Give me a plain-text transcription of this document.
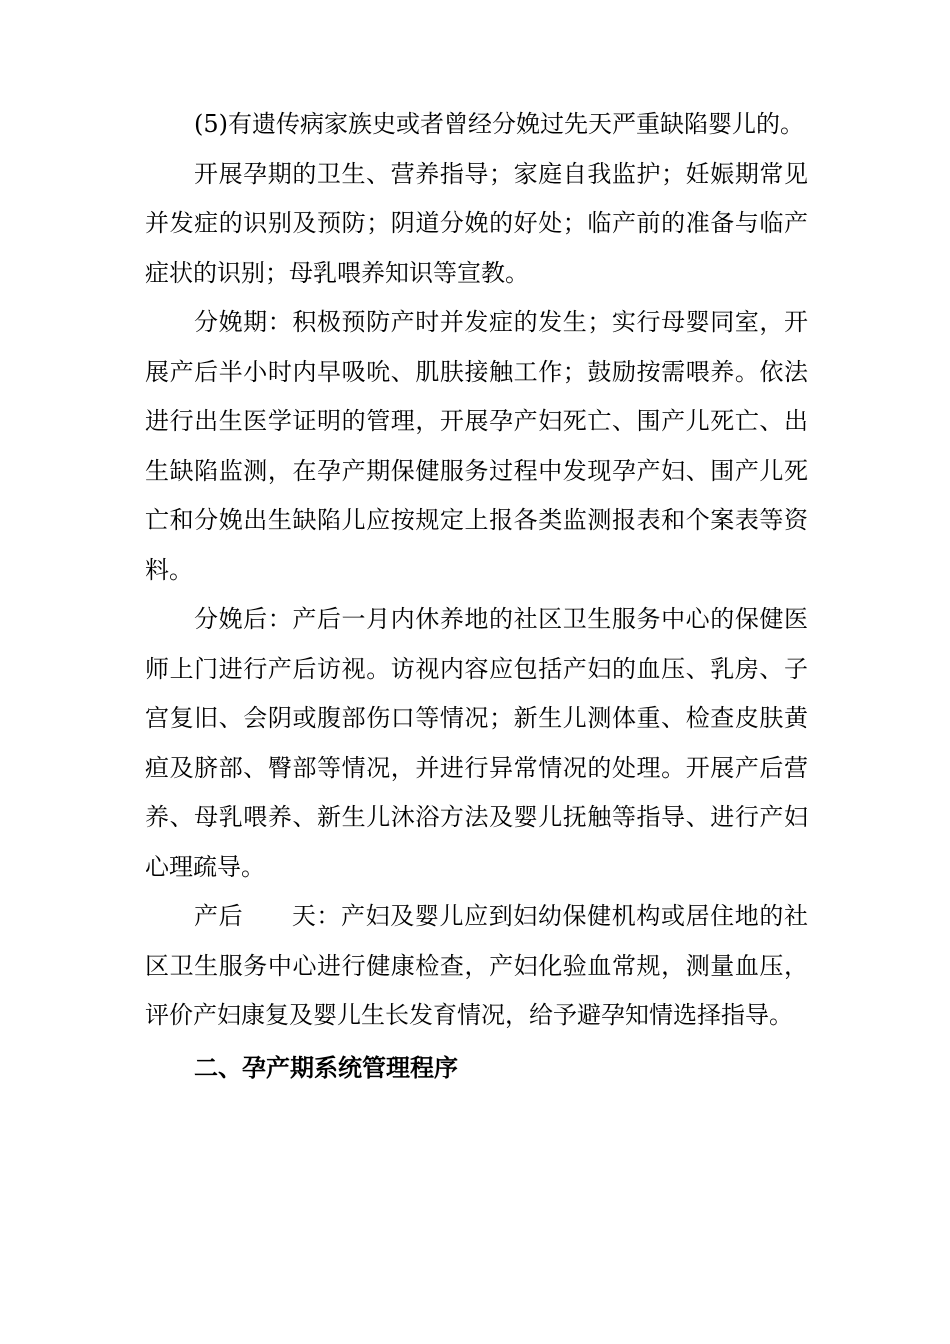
(5)有遗传病家族史或者曾经分娩过先天严重缺陷婴儿的。

开展孕期的卫生、营养指导；家庭自我监护；妊娠期常见并发症的识别及预防；阴道分娩的好处；临产前的准备与临产症状的识别；母乳喂养知识等宣教。

分娩期：积极预防产时并发症的发生；实行母婴同室，开展产后半小时内早吸吮、肌肤接触工作；鼓励按需喂养。依法进行出生医学证明的管理，开展孕产妇死亡、围产儿死亡、出生缺陷监测，在孕产期保健服务过程中发现孕产妇、围产儿死亡和分娩出生缺陷儿应按规定上报各类监测报表和个案表等资料。

分娩后：产后一月内休养地的社区卫生服务中心的保健医师上门进行产后访视。访视内容应包括产妇的血压、乳房、子宫复旧、会阴或腹部伤口等情况；新生儿测体重、检查皮肤黄疸及脐部、臀部等情况，并进行异常情况的处理。开展产后营养、母乳喂养、新生儿沐浴方法及婴儿抚触等指导、进行产妇心理疏导。

产后 天：产妇及婴儿应到妇幼保健机构或居住地的社区卫生服务中心进行健康检查，产妇化验血常规，测量血压，评价产妇康复及婴儿生长发育情况，给予避孕知情选择指导。

二、孕产期系统管理程序
